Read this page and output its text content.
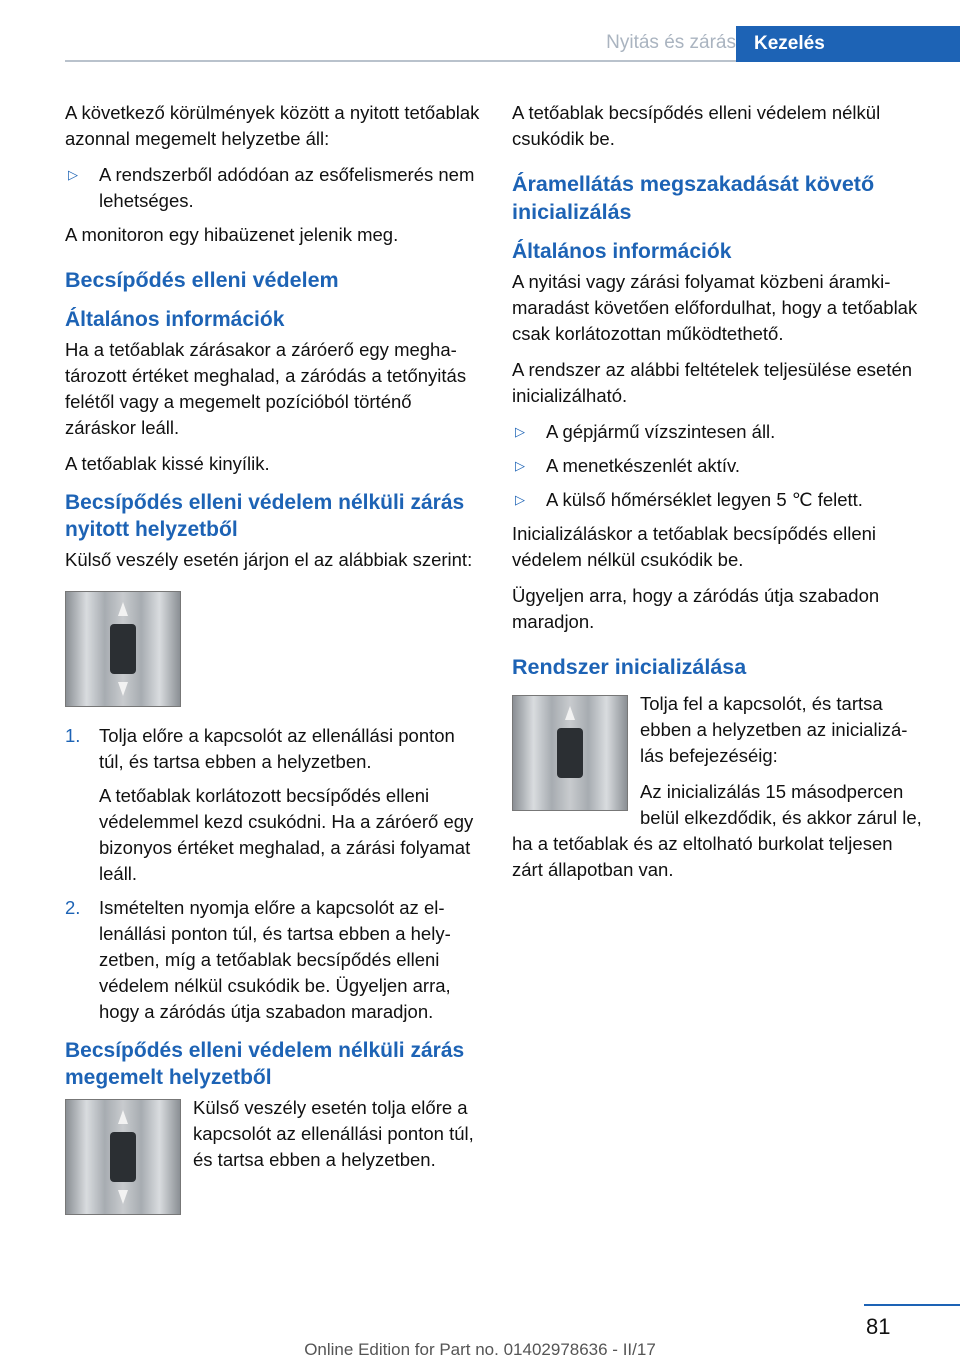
Nyitás és zárás Kezelés

A következő körülmények között a nyitott tetőablak azonnal megemelt helyzetbe áll:

▷ A rendszerből adódóan az esőfelismerés nem lehetséges.

A monitoron egy hibaüzenet jelenik meg.

Becsípődés elleni védelem
Általános információk

Ha a tetőablak zárásakor a záróerő egy meghatározott értéket meghalad, a záródás a tetőnyitás felétől vagy a megemelt pozícióból történő záráskor leáll.

A tetőablak kissé kinyílik.

Becsípődés elleni védelem nélküli zárás nyitott helyzetből

Külső veszély esetén járjon el az alábbiak szerint:

1. Tolja előre a kapcsolót az ellenállási ponton túl, és tartsa ebben a helyzetben.

A tetőablak korlátozott becsípődés elleni védelemmel kezd csukódni. Ha a záróerő egy bizonyos értéket meghalad, a zárási folyamat leáll.

2. Ismételten nyomja előre a kapcsolót az ellenállási ponton túl, és tartsa ebben a helyzetben, míg a tetőablak becsípődés elleni védelem nélkül csukódik be. Ügyeljen arra, hogy a záródás útja szabadon maradjon.

Becsípődés elleni védelem nélküli zárás megemelt helyzetből

Külső veszély esetén tolja előre a kapcsolót az ellenállási ponton túl, és tartsa ebben a helyzetben.

A tetőablak becsípődés elleni védelem nélkül csukódik be.

Áramellátás megszakadását követő inicializálás
Általános információk

A nyitási vagy zárási folyamat közbeni áramkimaradást követően előfordulhat, hogy a tetőablak csak korlátozottan működtethető.

A rendszer az alábbi feltételek teljesülése esetén inicializálható.

▷ A gépjármű vízszintesen áll.
▷ A menetkészenlét aktív.
▷ A külső hőmérséklet legyen 5 ℃ felett.

Inicializáláskor a tetőablak becsípődés elleni védelem nélkül csukódik be.

Ügyeljen arra, hogy a záródás útja szabadon maradjon.

Rendszer inicializálása

Tolja fel a kapcsolót, és tartsa ebben a helyzetben az inicializálás befejezéséig:

Az inicializálás 15 másodpercen belül elkezdődik, és akkor zárul le, ha a tetőablak és az eltolható burkolat teljesen zárt állapotban van.

81
Online Edition for Part no. 01402978636 - II/17
